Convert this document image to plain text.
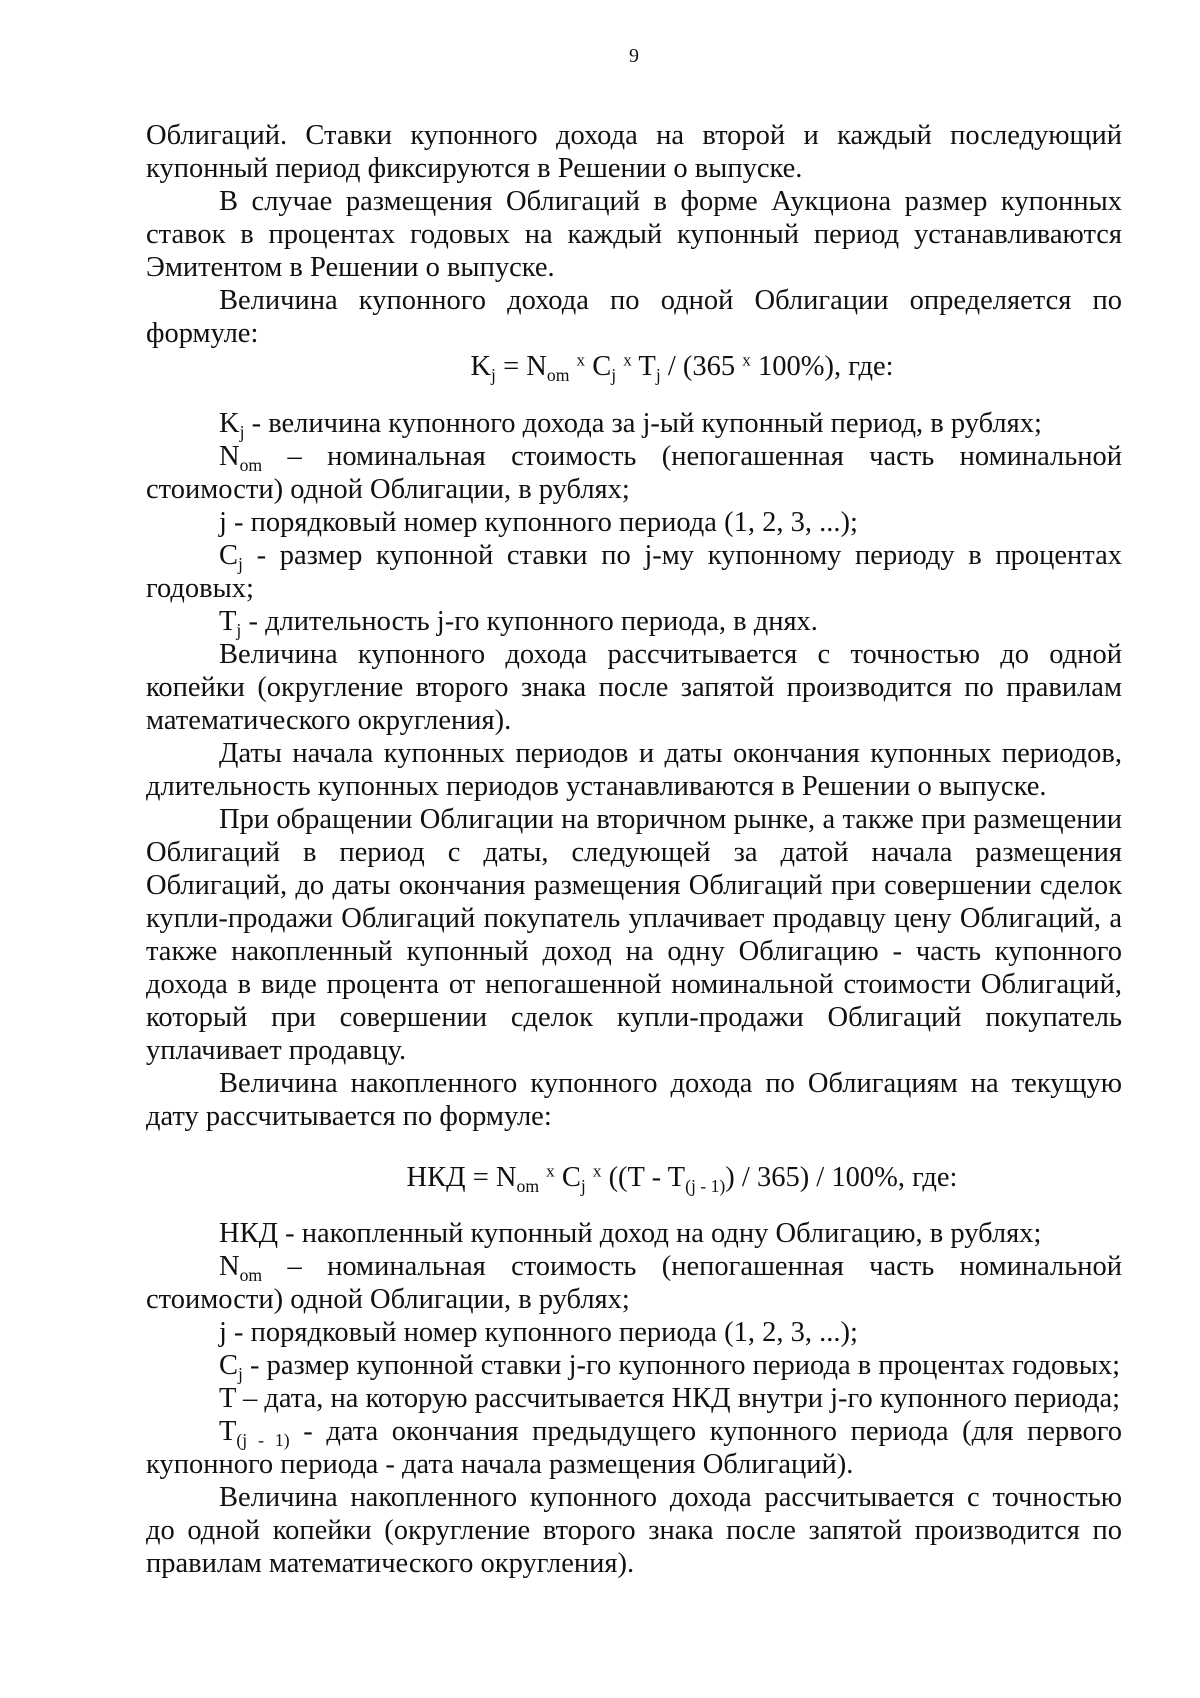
9

Облигаций. Ставки купонного дохода на второй и каждый последующий купонный период фиксируются в Решении о выпуске.

В случае размещения Облигаций в форме Аукциона размер купонных ставок в процентах годовых на каждый купонный период устанавливаются Эмитентом в Решении о выпуске.

Величина купонного дохода по одной Облигации определяется по формуле:

$K_j = N_{om}$ $^x$ $C_j$ $^x$ $T_j / (365$ $^x$ 100%), где:

$K_j$ - величина купонного дохода за j-ый купонный период, в рублях;

$N_{om}$ – номинальная стоимость (непогашенная часть номинальной стоимости) одной Облигации, в рублях;

j - порядковый номер купонного периода (1, 2, 3, ...);

$C_j$ - размер купонной ставки по j-му купонному периоду в процентах годовых;

$T_j$ - длительность j-го купонного периода, в днях.

Величина купонного дохода рассчитывается с точностью до одной копейки (округление второго знака после запятой производится по правилам математического округления).

Даты начала купонных периодов и даты окончания купонных периодов, длительность купонных периодов устанавливаются в Решении о выпуске.

При обращении Облигации на вторичном рынке, а также при размещении Облигаций в период с даты, следующей за датой начала размещения Облигаций, до даты окончания размещения Облигаций при совершении сделок купли-продажи Облигаций покупатель уплачивает продавцу цену Облигаций, а также накопленный купонный доход на одну Облигацию - часть купонного дохода в виде процента от непогашенной номинальной стоимости Облигаций, который при совершении сделок купли-продажи Облигаций покупатель уплачивает продавцу.

Величина накопленного купонного дохода по Облигациям на текущую дату рассчитывается по формуле:

НКД = $N_{om}$ $^x$ $C_j$ $^x$ $((T - T_{(j - 1)}) / 365) / 100\%$, где:

НКД - накопленный купонный доход на одну Облигацию, в рублях;

$N_{om}$ – номинальная стоимость (непогашенная часть номинальной стоимости) одной Облигации, в рублях;

j - порядковый номер купонного периода (1, 2, 3, ...);

$C_j$ - размер купонной ставки j-го купонного периода в процентах годовых;

T – дата, на которую рассчитывается НКД внутри j-го купонного периода;

$T_{(j - 1)}$ - дата окончания предыдущего купонного периода (для первого купонного периода - дата начала размещения Облигаций).

Величина накопленного купонного дохода рассчитывается с точностью до одной копейки (округление второго знака после запятой производится по правилам математического округления).
